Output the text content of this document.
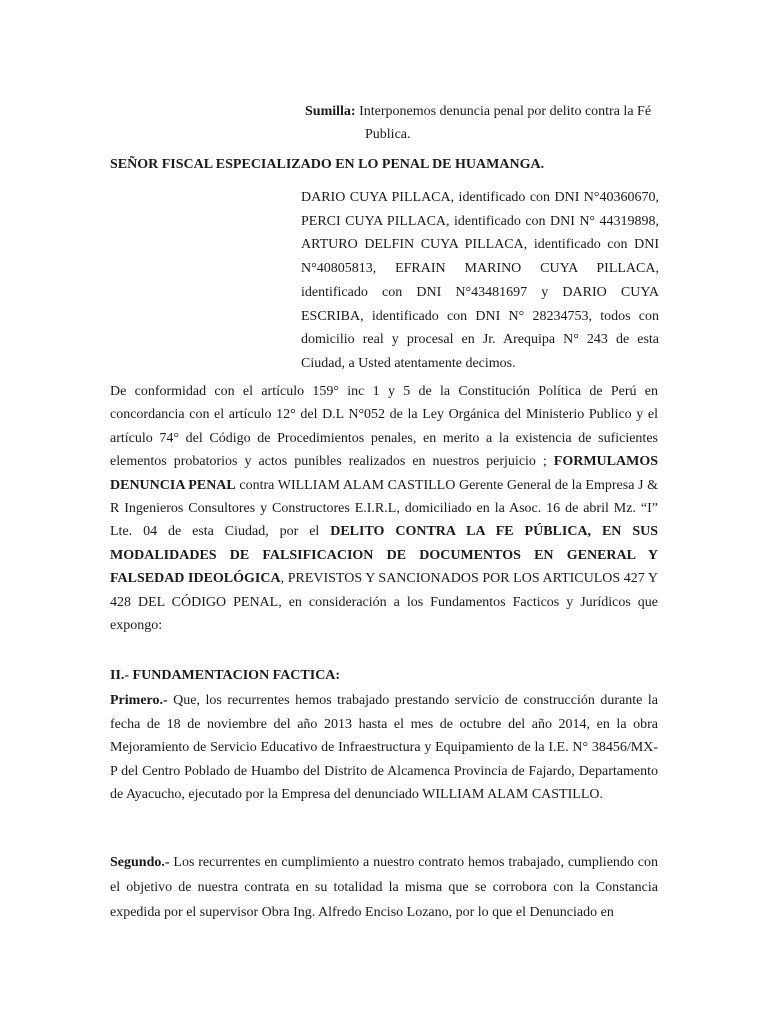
Sumilla: Interponemos denuncia penal por delito contra la Fé
Publica.

SEÑOR FISCAL ESPECIALIZADO EN LO PENAL DE HUAMANGA.

DARIO CUYA PILLACA, identificado con DNI N°40360670, PERCI CUYA PILLACA, identificado con DNI N° 44319898, ARTURO DELFIN CUYA PILLACA, identificado con DNI N°40805813, EFRAIN MARINO CUYA PILLACA, identificado con DNI N°43481697 y DARIO CUYA ESCRIBA, identificado con DNI N° 28234753, todos con domicilio real y procesal en Jr. Arequipa N° 243 de esta Ciudad, a Usted atentamente decimos.

De conformidad con el artículo 159° inc 1 y 5 de la Constitución Política de Perú en concordancia con el artículo 12° del D.L N°052 de la Ley Orgánica del Ministerio Publico y el artículo 74° del Código de Procedimientos penales, en merito a la existencia de suficientes elementos probatorios y actos punibles realizados en nuestros perjuicio ; FORMULAMOS DENUNCIA PENAL contra WILLIAM ALAM CASTILLO Gerente General de la Empresa J & R Ingenieros Consultores y Constructores E.I.R.L, domiciliado en la Asoc. 16 de abril Mz. “I” Lte. 04 de esta Ciudad, por el DELITO CONTRA LA FE PÚBLICA, EN SUS MODALIDADES DE FALSIFICACION DE DOCUMENTOS EN GENERAL Y FALSEDAD IDEOLÓGICA, PREVISTOS Y SANCIONADOS POR LOS ARTICULOS 427 Y 428 DEL CÓDIGO PENAL, en consideración a los Fundamentos Facticos y Jurídicos que expongo:

II.- FUNDAMENTACION FACTICA:

Primero.- Que, los recurrentes hemos trabajado prestando servicio de construcción durante la fecha de 18 de noviembre del año 2013 hasta el mes de octubre del año 2014, en la obra Mejoramiento de Servicio Educativo de Infraestructura y Equipamiento de la I.E. N° 38456/MX-P del Centro Poblado de Huambo del Distrito de Alcamenca Provincia de Fajardo, Departamento de Ayacucho, ejecutado por la Empresa del denunciado WILLIAM ALAM CASTILLO.

Segundo.- Los recurrentes en cumplimiento a nuestro contrato hemos trabajado, cumpliendo con el objetivo de nuestra contrata en su totalidad la misma que se corrobora con la Constancia expedida por el supervisor Obra Ing. Alfredo Enciso Lozano, por lo que el Denunciado en
